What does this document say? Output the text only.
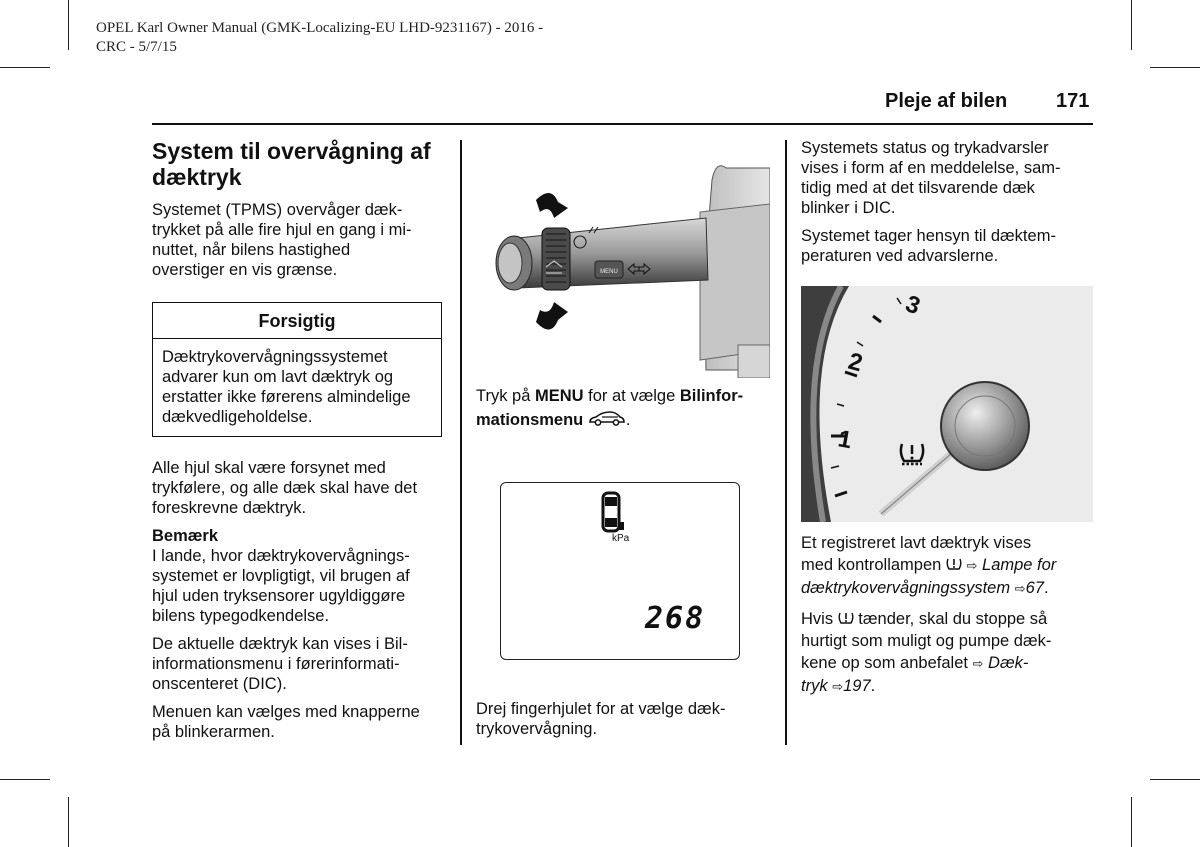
OPEL Karl Owner Manual (GMK-Localizing-EU LHD-9231167) - 2016 -
CRC - 5/7/15
Pleje af bilen 171
System til overvågning af
dæktryk
Systemet (TPMS) overvåger dæk-
trykket på alle fire hjul en gang i mi-
nuttet, når bilens hastighed
overstiger en vis grænse.
Forsigtig
Dæktrykovervågningssystemet
advarer kun om lavt dæktryk og
erstatter ikke førerens almindelige
dækvedligeholdelse.
Alle hjul skal være forsynet med
trykfølere, og alle dæk skal have det
foreskrevne dæktryk.
Bemærk
I lande, hvor dæktrykovervågnings-
systemet er lovpligtigt, vil brugen af
hjul uden tryksensorer ugyldiggøre
bilens typegodkendelse.
De aktuelle dæktryk kan vises i Bil-
informationsmenu i førerinformati-
onscenteret (DIC).
Menuen kan vælges med knapperne
på blinkerarmen.
MENU
Tryk på MENU for at vælge Bilinfor-
mationsmenu	.
kPa
268
Drej fingerhjulet for at vælge dæk-
trykovervågning.
Systemets status og trykadvarsler
vises i form af en meddelelse, sam-
tidig med at det tilsvarende dæk
blinker i DIC.
Systemet tager hensyn til dæktem-
peraturen ved advarslerne.
3
2
1
Et registreret lavt dæktryk vises
med kontrollampen ⇨ Lampe for
dæktrykovervågningssystem ⇨67.
Hvis tænder, skal du stoppe så
hurtigt som muligt og pumpe dæk-
kene op som anbefalet ⇨ Dæk-
tryk ⇨197.
